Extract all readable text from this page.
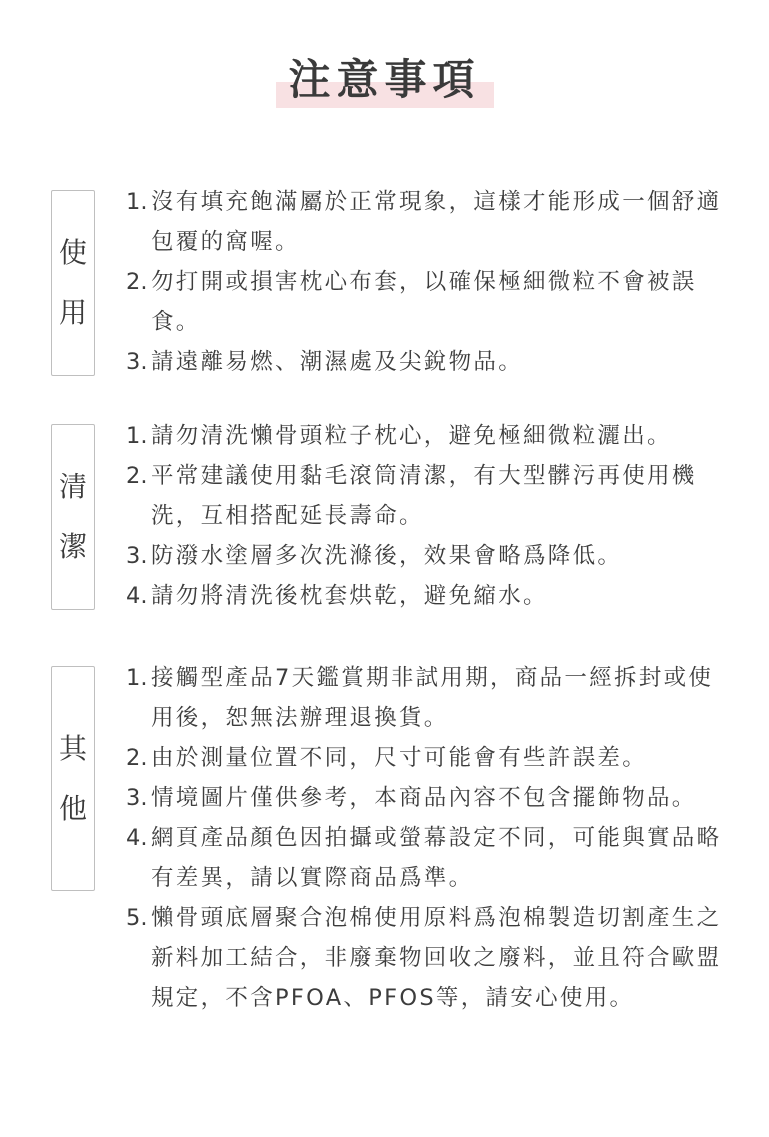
注意事項
使
用
1. 沒有填充飽滿屬於正常現象，這樣才能形成一個舒適包覆的窩喔。
2. 勿打開或損害枕心布套，以確保極細微粒不會被誤食。
3. 請遠離易燃、潮濕處及尖銳物品。
清
潔
1. 請勿清洗懶骨頭粒子枕心，避免極細微粒灑出。
2. 平常建議使用黏毛滾筒清潔，有大型髒污再使用機洗，互相搭配延長壽命。
3. 防潑水塗層多次洗滌後，效果會略爲降低。
4. 請勿將清洗後枕套烘乾，避免縮水。
其
他
1. 接觸型產品7天鑑賞期非試用期，商品一經拆封或使用後，恕無法辦理退換貨。
2. 由於測量位置不同，尺寸可能會有些許誤差。
3. 情境圖片僅供參考，本商品內容不包含擺飾物品。
4. 網頁產品顏色因拍攝或螢幕設定不同，可能與實品略有差異，請以實際商品爲準。
5. 懶骨頭底層聚合泡棉使用原料爲泡棉製造切割產生之新料加工結合，非廢棄物回收之廢料，並且符合歐盟規定，不含PFOA、PFOS等，請安心使用。
